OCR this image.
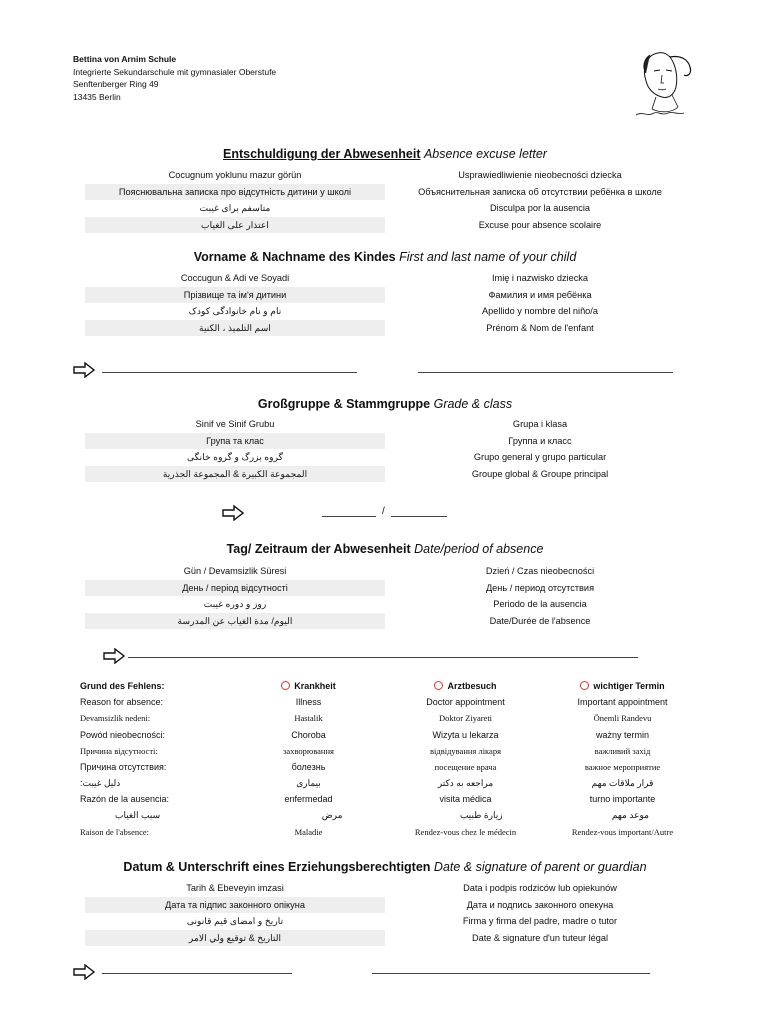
Bettina von Arnim Schule
Integrierte Sekundarschule mit gymnasialer Oberstufe
Senftenberger Ring 49
13435 Berlin
Entschuldigung der Abwesenheit Absence excuse letter
Cocugnum yoklunu mazur görün
Пояснювальна записка про відсутність дитини у школі
متاسفم برای غیبت
اعتذار على الغياب
Usprawiedliwienie nieobecności dziecka
Объяснительная записка об отсутствии ребёнка в школе
Disculpa por la ausencia
Excuse pour absence scolaire
Vorname & Nachname des Kindes First and last name of your child
Coccugun & Adi ve Soyadi
Прізвище та ім'я дитини
نام و نام خانوادگی کودک
اسم التلميذ ، الكنية
Imię i nazwisko dziecka
Фамилия и имя ребёнка
Apellido y nombre del niño/a
Prénom & Nom de l'enfant
Großgruppe & Stammgruppe Grade & class
Sinif ve Sinif Grubu
Група та клас
گروه بزرگ و گروه خانگی
المجموعة الكبيرة & المجموعة الجذرية
Grupa i klasa
Группа и класс
Grupo general y grupo particular
Groupe global & Groupe principal
/
Tag/ Zeitraum der Abwesenheit Date/period of absence
Gün / Devamsizlik Süresi
День / період відсутності
روز و دوره غیبت
اليوم/ مدة الغياب عن المدرسة
Dzień / Czas nieobecności
День / период отсутствия
Periodo de la ausencia
Date/Durée de l'absence
Grund des Fehlens:	Krankheit	Arztbesuch	wichtiger Termin
Reason for absence:	Illness	Doctor appointment	Important appointment
Devamsizlik nedeni:	Hastalik	Doktor Ziyareti	Önemli Randevu
Powód nieobecności:	Choroba	Wizyta u lekarza	ważny termin
Причина відсутності:	захворювання	відвідування лікаря	важливий захід
Причина отсутствия:	болезнь	посещение врача	важное мероприятие
دلیل غیبت:	بیماری	مراجعه به دکتر	قرار ملاقات مهم
Razón de la ausencia:	enfermedad	visita médica	turno importante
سبب الغياب	مرض	زيارة طبيب	موعد مهم
Raison de l'absence:	Maladie	Rendez-vous chez le médecin	Rendez-vous important/Autre
Datum & Unterschrift eines Erziehungsberechtigten Date & signature of parent or guardian
Tarih & Ebeveyin imzasi
Дата та підпис законного опікуна
تاریخ و امضای قیم قانونی
التاريخ & توقيع ولي الامر
Data i podpis rodziców lub opiekunów
Дата и подпись законного опекуна
Firma y firma del padre, madre o tutor
Date & signature d'un tuteur légal
